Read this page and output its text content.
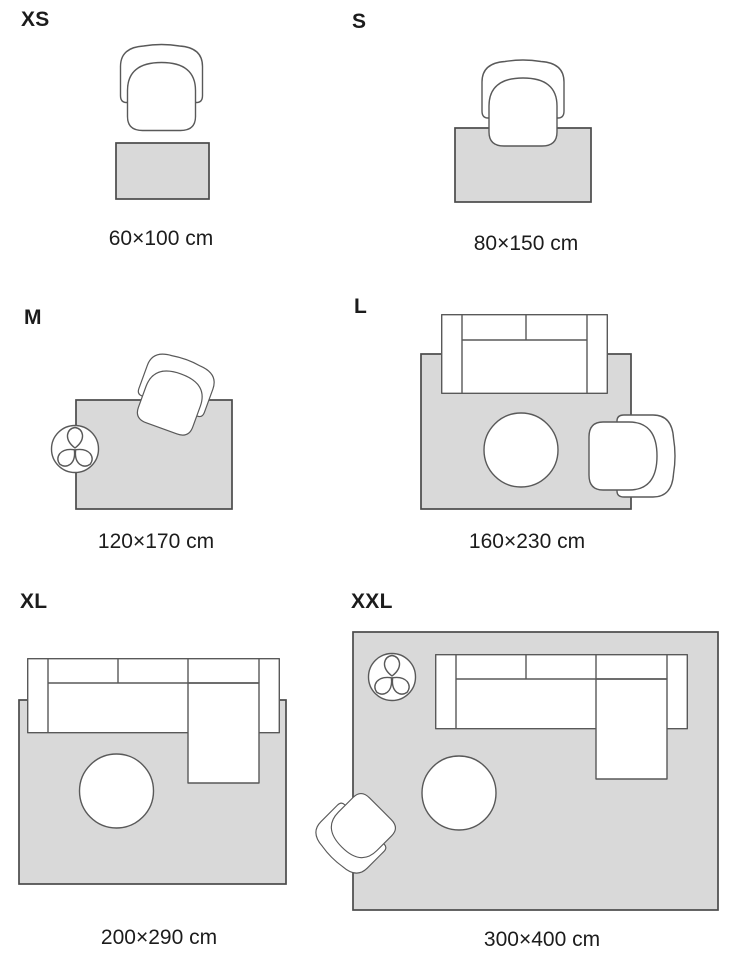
XS	S
M	L
XL	XXL
60×100 cm	80×150 cm
120×170 cm	160×230 cm
200×290 cm	300×400 cm
